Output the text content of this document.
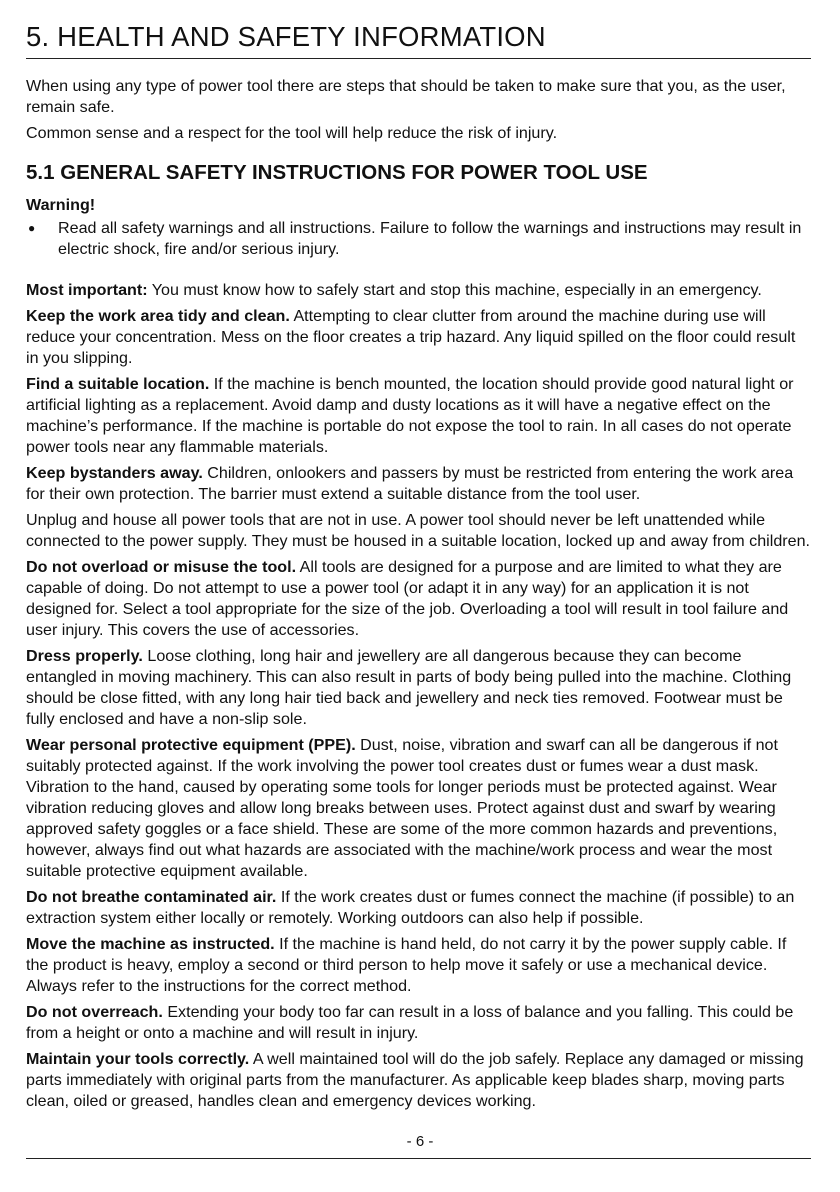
5. HEALTH AND SAFETY INFORMATION

When using any type of power tool there are steps that should be taken to make sure that you, as the user, remain safe.

Common sense and a respect for the tool will help reduce the risk of injury.

5.1 GENERAL SAFETY INSTRUCTIONS FOR POWER TOOL USE
Warning!
●	Read all safety warnings and all instructions. Failure to follow the warnings and instructions may result in electric shock, fire and/or serious injury.

Most important: You must know how to safely start and stop this machine, especially in an emergency.

Keep the work area tidy and clean. Attempting to clear clutter from around the machine during use will reduce your concentration. Mess on the floor creates a trip hazard. Any liquid spilled on the floor could result in you slipping.

Find a suitable location. If the machine is bench mounted, the location should provide good natural light or artificial lighting as a replacement. Avoid damp and dusty locations as it will have a negative effect on the machine’s performance. If the machine is portable do not expose the tool to rain. In all cases do not operate power tools near any flammable materials.

Keep bystanders away. Children, onlookers and passers by must be restricted from entering the work area for their own protection. The barrier must extend a suitable distance from the tool user.

Unplug and house all power tools that are not in use. A power tool should never be left unattended while connected to the power supply. They must be housed in a suitable location, locked up and away from children.

Do not overload or misuse the tool. All tools are designed for a purpose and are limited to what they are capable of doing. Do not attempt to use a power tool (or adapt it in any way) for an application it is not designed for. Select a tool appropriate for the size of the job. Overloading a tool will result in tool failure and user injury. This covers the use of accessories.

Dress properly. Loose clothing, long hair and jewellery are all dangerous because they can become entangled in moving machinery. This can also result in parts of body being pulled into the machine. Clothing should be close fitted, with any long hair tied back and jewellery and neck ties removed. Footwear must be fully enclosed and have a non-slip sole.

Wear personal protective equipment (PPE). Dust, noise, vibration and swarf can all be dangerous if not suitably protected against. If the work involving the power tool creates dust or fumes wear a dust mask. Vibration to the hand, caused by operating some tools for longer periods must be protected against. Wear vibration reducing gloves and allow long breaks between uses. Protect against dust and swarf by wearing approved safety goggles or a face shield. These are some of the more common hazards and preventions, however, always find out what hazards are associated with the machine/work process and wear the most suitable protective equipment available.

Do not breathe contaminated air. If the work creates dust or fumes connect the machine (if possible) to an extraction system either locally or remotely. Working outdoors can also help if possible.

Move the machine as instructed. If the machine is hand held, do not carry it by the power supply cable. If the product is heavy, employ a second or third person to help move it safely or use a mechanical device. Always refer to the instructions for the correct method.

Do not overreach. Extending your body too far can result in a loss of balance and you falling. This could be from a height or onto a machine and will result in injury.

Maintain your tools correctly. A well maintained tool will do the job safely. Replace any damaged or missing parts immediately with original parts from the manufacturer. As applicable keep blades sharp, moving parts clean, oiled or greased, handles clean and emergency devices working.

- 6 -
